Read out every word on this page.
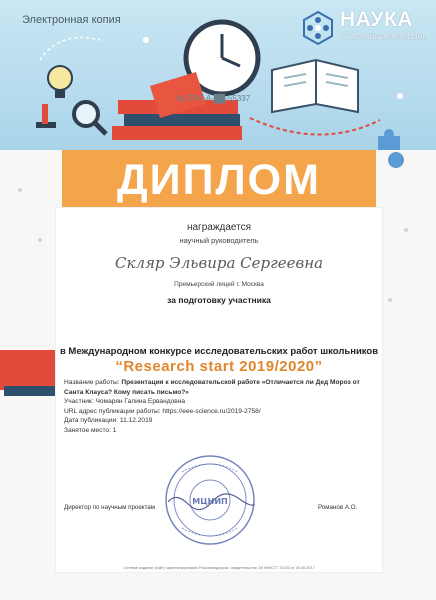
Электронная копия	НАУКА
И ОБРАЗОВАНИЕ ON-LINE
№ ПРЕ-А-██-55337
ДИПЛОМ
награждается
научный руководитель
Скляр Эльвира Сергеевна
Премьерский лицей г. Москва
за подготовку участника
в Международном конкурсе исследовательских работ школьников
“Research start 2019/2020”
Название работы: Презентация к исследовательской работе «Отличается ли Дед Мороз от Санта Клауса? Кому писать письмо?»
Участник: Чомарян Галина Ервандовна
URL адрес публикации работы: https://eee-science.ru/2019-2758/
Дата публикации: 11.12.2019
Занятое место: 1
МЦНИП
Директор по научным проектам	Романов А.О.
Сетевое издание (сайт) зарегистрировано Роскомнадзором, свидетельство ЭЛ №ФС77-70153 от 30.06.2017
